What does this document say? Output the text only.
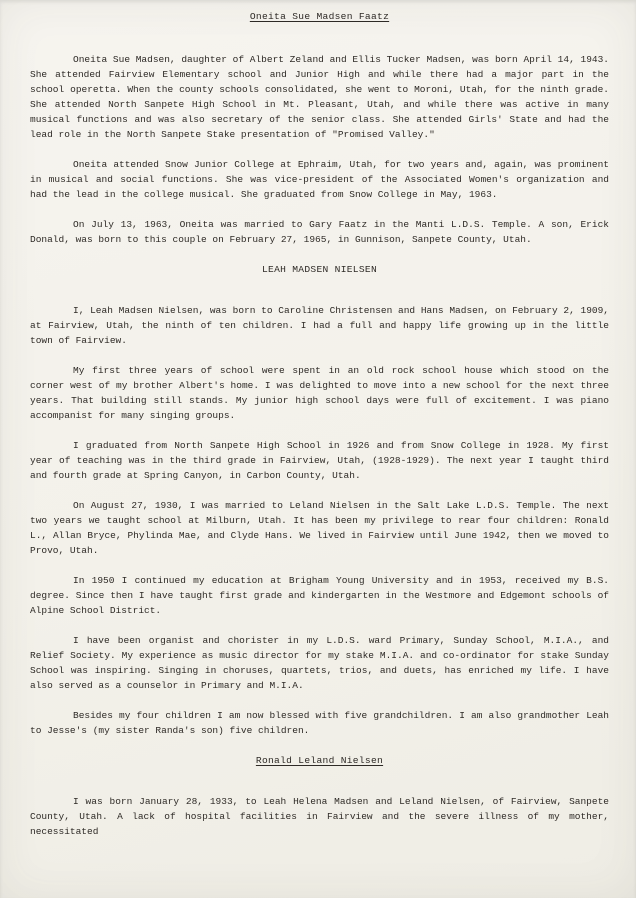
Oneita Sue Madsen Faatz

Oneita Sue Madsen, daughter of Albert Zeland and Ellis Tucker Madsen, was born April 14, 1943. She attended Fairview Elementary school and Junior High and while there had a major part in the school operetta. When the county schools consolidated, she went to Moroni, Utah, for the ninth grade. She attended North Sanpete High School in Mt. Pleasant, Utah, and while there was active in many musical functions and was also secretary of the senior class. She attended Girls' State and had the lead role in the North Sanpete Stake presentation of "Promised Valley."

Oneita attended Snow Junior College at Ephraim, Utah, for two years and, again, was prominent in musical and social functions. She was vice-president of the Associated Women's organization and had the lead in the college musical. She graduated from Snow College in May, 1963.

On July 13, 1963, Oneita was married to Gary Faatz in the Manti L.D.S. Temple. A son, Erick Donald, was born to this couple on February 27, 1965, in Gunnison, Sanpete County, Utah.

LEAH MADSEN NIELSEN

I, Leah Madsen Nielsen, was born to Caroline Christensen and Hans Madsen, on February 2, 1909, at Fairview, Utah, the ninth of ten children. I had a full and happy life growing up in the little town of Fairview.

My first three years of school were spent in an old rock school house which stood on the corner west of my brother Albert's home. I was delighted to move into a new school for the next three years. That building still stands. My junior high school days were full of excitement. I was piano accompanist for many singing groups.

I graduated from North Sanpete High School in 1926 and from Snow College in 1928. My first year of teaching was in the third grade in Fairview, Utah, (1928-1929). The next year I taught third and fourth grade at Spring Canyon, in Carbon County, Utah.

On August 27, 1930, I was married to Leland Nielsen in the Salt Lake L.D.S. Temple. The next two years we taught school at Milburn, Utah. It has been my privilege to rear four children: Ronald L., Allan Bryce, Phylinda Mae, and Clyde Hans. We lived in Fairview until June 1942, then we moved to Provo, Utah.

In 1950 I continued my education at Brigham Young University and in 1953, received my B.S. degree. Since then I have taught first grade and kindergarten in the Westmore and Edgemont schools of Alpine School District.

I have been organist and chorister in my L.D.S. ward Primary, Sunday School, M.I.A., and Relief Society. My experience as music director for my stake M.I.A. and co-ordinator for stake Sunday School was inspiring. Singing in choruses, quartets, trios, and duets, has enriched my life. I have also served as a counselor in Primary and M.I.A.

Besides my four children I am now blessed with five grandchildren. I am also grandmother Leah to Jesse's (my sister Randa's son) five children.

Ronald Leland Nielsen

I was born January 28, 1933, to Leah Helena Madsen and Leland Nielsen, of Fairview, Sanpete County, Utah. A lack of hospital facilities in Fairview and the severe illness of my mother, necessitated
